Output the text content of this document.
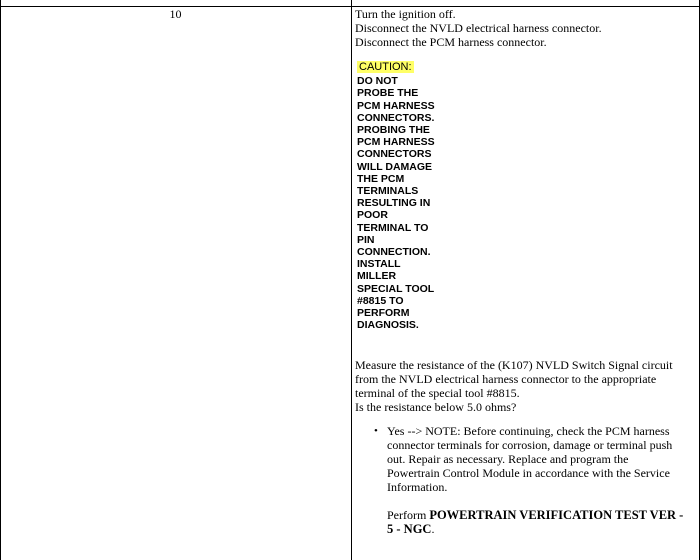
10	Turn the ignition off.
Disconnect the NVLD electrical harness connector.
Disconnect the PCM harness connector.
CAUTION:
DO NOT
PROBE THE
PCM HARNESS
CONNECTORS.
PROBING THE
PCM HARNESS
CONNECTORS
WILL DAMAGE
THE PCM
TERMINALS
RESULTING IN
POOR
TERMINAL TO
PIN
CONNECTION.
INSTALL
MILLER
SPECIAL TOOL
#8815 TO
PERFORM
DIAGNOSIS.
Measure the resistance of the (K107) NVLD Switch Signal circuit
from the NVLD electrical harness connector to the appropriate
terminal of the special tool #8815.
Is the resistance below 5.0 ohms?
• Yes --> NOTE: Before continuing, check the PCM harness
connector terminals for corrosion, damage or terminal push
out. Repair as necessary. Replace and program the
Powertrain Control Module in accordance with the Service
Information.
Perform POWERTRAIN VERIFICATION TEST VER -
5 - NGC.
